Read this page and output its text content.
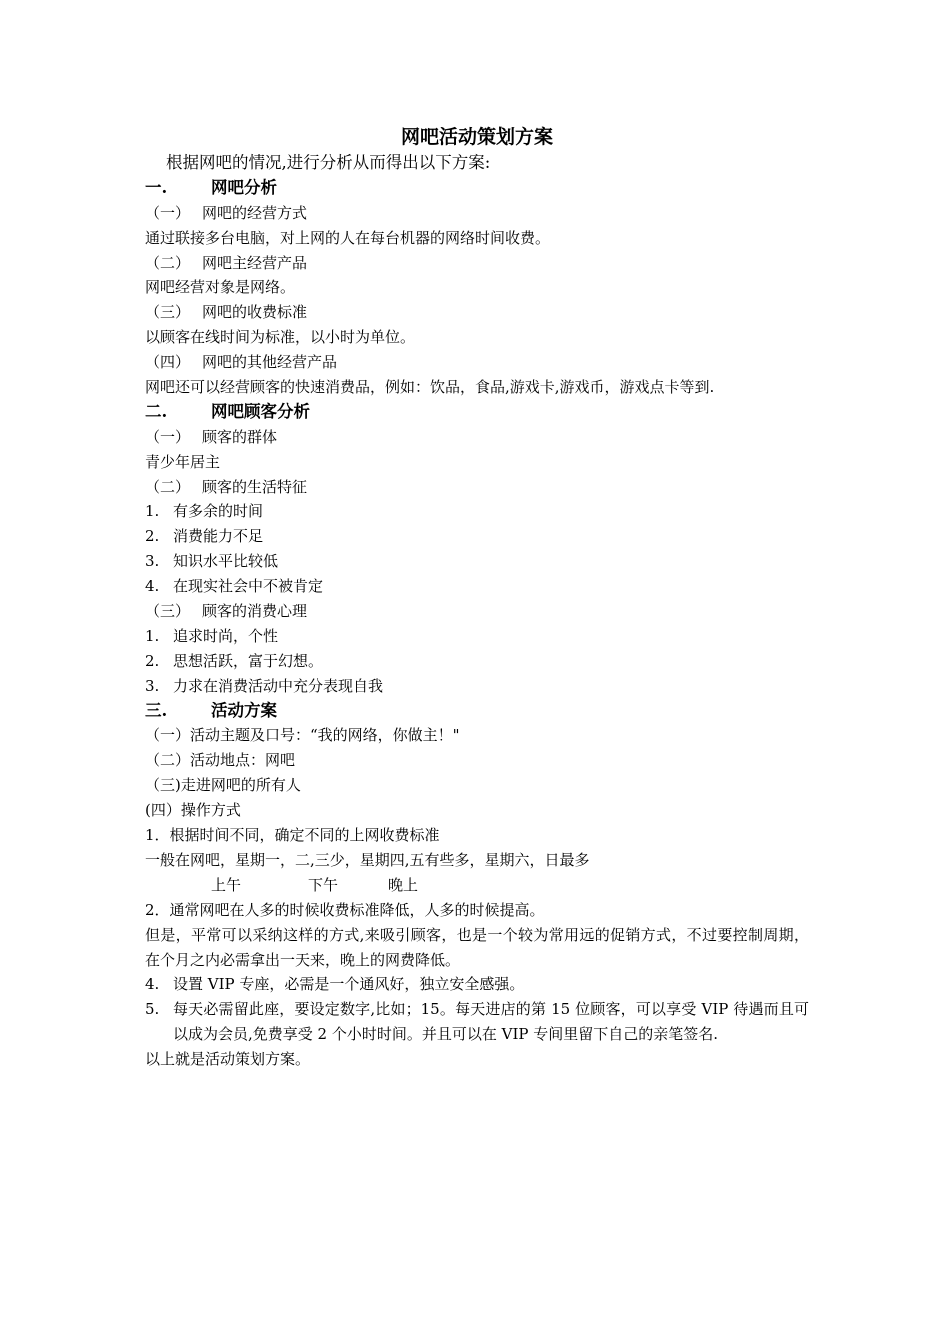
网吧活动策划方案
根据网吧的情况,进行分析从而得出以下方案:
一.	网吧分析
（一） 网吧的经营方式
通过联接多台电脑，对上网的人在每台机器的网络时间收费。
（二） 网吧主经营产品
网吧经营对象是网络。
（三） 网吧的收费标准
以顾客在线时间为标准，以小时为单位。
（四） 网吧的其他经营产品
网吧还可以经营顾客的快速消费品，例如：饮品，食品,游戏卡,游戏币，游戏点卡等到.
二.	网吧顾客分析
（一） 顾客的群体
青少年居主
（二） 顾客的生活特征
1. 有多余的时间
2. 消费能力不足
3. 知识水平比较低
4. 在现实社会中不被肯定
（三） 顾客的消费心理
1. 追求时尚，个性
2. 思想活跃，富于幻想。
3. 力求在消费活动中充分表现自我
三.	活动方案
（一）活动主题及口号：“我的网络，你做主！"
（二）活动地点：网吧
（三)走进网吧的所有人
(四）操作方式
1．根据时间不同，确定不同的上网收费标准
一般在网吧，星期一，二,三少，星期四,五有些多，星期六，日最多
上午	下午	晚上
2．通常网吧在人多的时候收费标准降低，人多的时候提高。
但是，平常可以采纳这样的方式,来吸引顾客，也是一个较为常用远的促销方式，不过要控制周期，在个月之内必需拿出一天来，晚上的网费降低。
4. 设置 VIP 专座，必需是一个通风好，独立安全感强。
5. 每天必需留此座，要设定数字,比如；15。每天进店的第 15 位顾客，可以享受 VIP 待遇而且可以成为会员,免费享受 2 个小时时间。并且可以在 VIP 专间里留下自己的亲笔签名.
以上就是活动策划方案。
